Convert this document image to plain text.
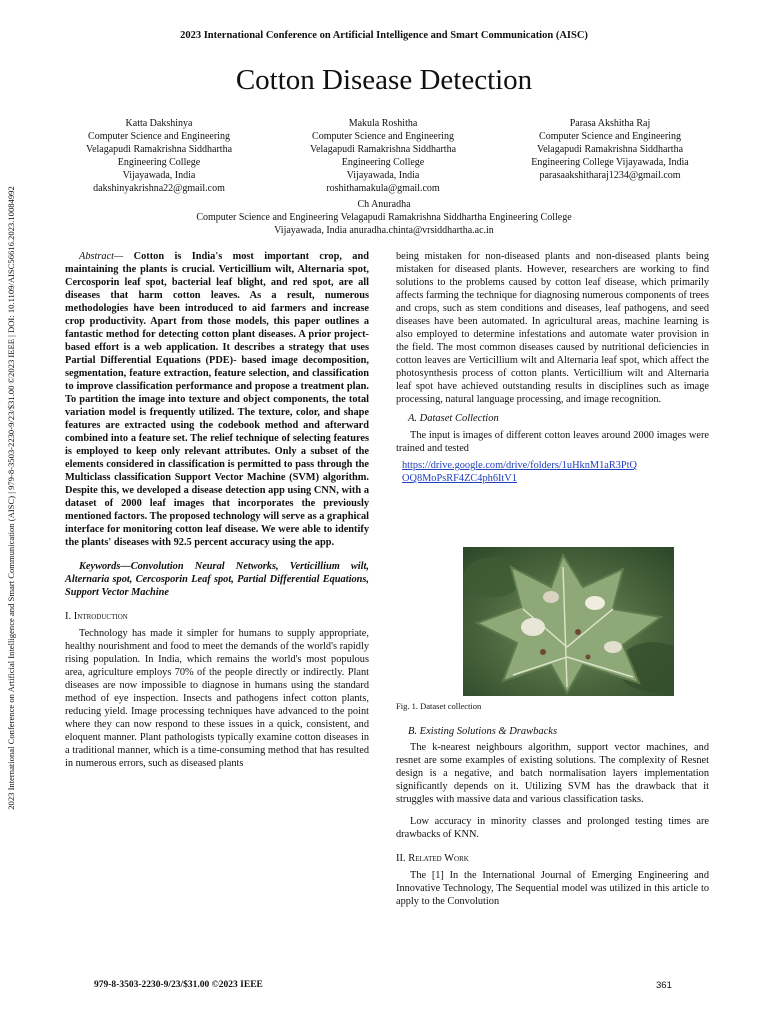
2023 International Conference on Artificial Intelligence and Smart Communication (AISC)
2023 International Conference on Artificial Intelligence and Smart Communication (AISC) | 979-8-3503-2230-9/23/$31.00 ©2023 IEEE | DOI: 10.1109/AISC56616.2023.10084992
Cotton Disease Detection
Katta Dakshinya
Computer Science and Engineering
Velagapudi Ramakrishna Siddhartha
Engineering College
Vijayawada, India
dakshinyakrishna22@gmail.com
Makula Roshitha
Computer Science and Engineering
Velagapudi Ramakrishna Siddhartha
Engineering College
Vijayawada, India
roshithamakula@gmail.com
Parasa Akshitha Raj
Computer Science and Engineering
Velagapudi Ramakrishna Siddhartha
Engineering College Vijayawada, India
parasaakshitharaj1234@gmail.com
Ch Anuradha
Computer Science and Engineering Velagapudi Ramakrishna Siddhartha Engineering College
Vijayawada, India anuradha.chinta@vrsiddhartha.ac.in

Abstract— Cotton is India's most important crop, and maintaining the plants is crucial. Verticillium wilt, Alternaria spot, Cercosporin leaf spot, bacterial leaf blight, and red spot, are all diseases that harm cotton leaves. As a result, numerous methodologies have been introduced to aid farmers and increase crop productivity. Apart from those models, this paper outlines a fantastic method for detecting cotton plant diseases. A prior project-based effort is a web application. It describes a strategy that uses Partial Differential Equations (PDE)- based image decomposition, segmentation, feature extraction, feature selection, and classification to improve classification performance and propose a treatment plan. To partition the image into texture and object components, the total variation model is frequently utilized. The texture, color, and shape features are extracted using the codebook method and afterward combined into a feature set. The relief technique of selecting features is employed to keep only relevant attributes. Only a subset of the elements considered in classification is permitted to pass through the Multiclass classification Support Vector Machine (SVM) algorithm. Despite this, we developed a disease detection app using CNN, with a dataset of 2000 leaf images that incorporates the previously mentioned factors. The proposed technology will serve as a graphical interface for monitoring cotton leaf disease. We were able to identify the plants' diseases with 92.5 percent accuracy using the app.

Keywords—Convolution Neural Networks, Verticillium wilt, Alternaria spot, Cercosporin Leaf spot, Partial Differential Equations, Support Vector Machine

I. Introduction

Technology has made it simpler for humans to supply appropriate, healthy nourishment and food to meet the demands of the world's rapidly rising population. In India, which remains the world's most populous area, agriculture employs 70% of the people directly or indirectly. Plant diseases are now impossible to diagnose in humans using the standard method of eye inspection. Insects and pathogens infect cotton plants, reducing yield. Image processing techniques have advanced to the point where they can now respond to these issues in a quick, consistent, and eloquent manner. Plant pathologists typically examine cotton diseases in a traditional manner, which is a time-consuming method that has resulted in numerous errors, such as diseased plants

being mistaken for non-diseased plants and non-diseased plants being mistaken for diseased plants. However, researchers are working to find solutions to the problems caused by cotton leaf disease, which primarily affects farming the technique for diagnosing numerous components of trees and crops, such as stem conditions and diseases, leaf pathogens, and seed diseases have been automated. In agricultural areas, machine learning is also employed to determine infestations and automate water provision in the field. The most common diseases caused by nutritional deficiencies in cotton leaves are Verticillium wilt and Alternaria leaf spot, which affect the photosynthesis process of cotton plants. Verticillium wilt and Alternaria leaf spot have achieved outstanding results in disciplines such as image processing, natural language processing, and image recognition.

A. Dataset Collection

The input is images of different cotton leaves around 2000 images were trained and tested

https://drive.google.com/drive/folders/1uHknM1aR3PtQ
OQ8MoPsRF4ZC4ph6ItV1

Fig. 1. Dataset collection

B. Existing Solutions & Drawbacks

The k-nearest neighbours algorithm, support vector machines, and resnet are some examples of existing solutions. The complexity of Resnet design is a negative, and batch normalisation layers implementation significantly depends on it. Utilizing SVM has the drawback that it struggles with massive data and various classification tasks.

Low accuracy in minority classes and prolonged testing times are drawbacks of KNN.

II. Related Work

The [1] In the International Journal of Emerging Engineering and Innovative Technology, The Sequential model was utilized in this article to apply to the Convolution

979-8-3503-2230-9/23/$31.00 ©2023 IEEE	361
